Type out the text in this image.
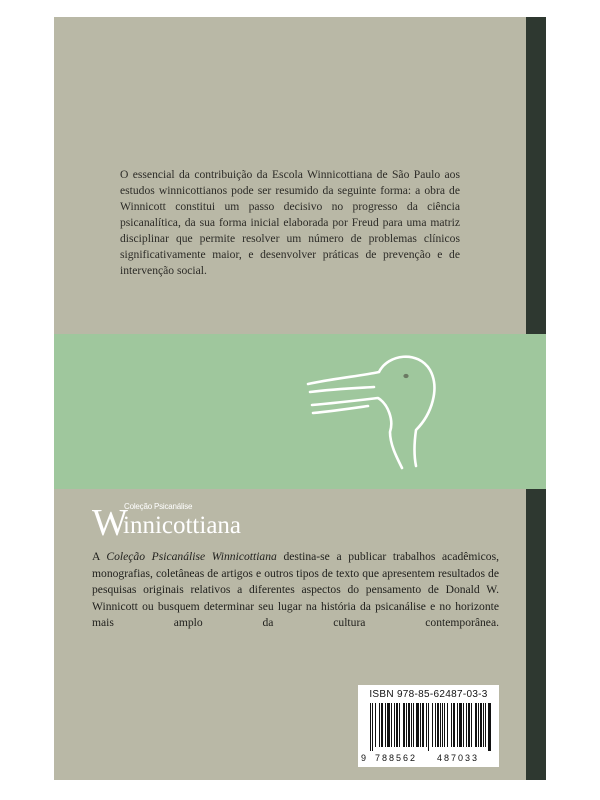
O essencial da contribuição da Escola Winnicottiana de São Paulo aos estudos winnicottianos pode ser resumido da seguinte forma: a obra de Winnicott constitui um passo decisivo no progresso da ciência psicanalítica, da sua forma inicial elaborada por Freud para uma matriz disciplinar que permite resolver um número de problemas clínicos significativamente maior, e desenvolver práticas de prevenção e de intervenção social.

W
Coleção Psicanálise
innicottiana

A Coleção Psicanálise Winnicottiana destina-se a publicar trabalhos acadêmicos, monografias, coletâneas de artigos e outros tipos de texto que apresentem resultados de pesquisas originais relativos a diferentes aspectos do pensamento de Donald W. Winnicott ou busquem determinar seu lugar na história da psicanálise e no horizonte mais amplo da cultura contemporânea.

ISBN 978-85-62487-03-3
9 788562 487033
